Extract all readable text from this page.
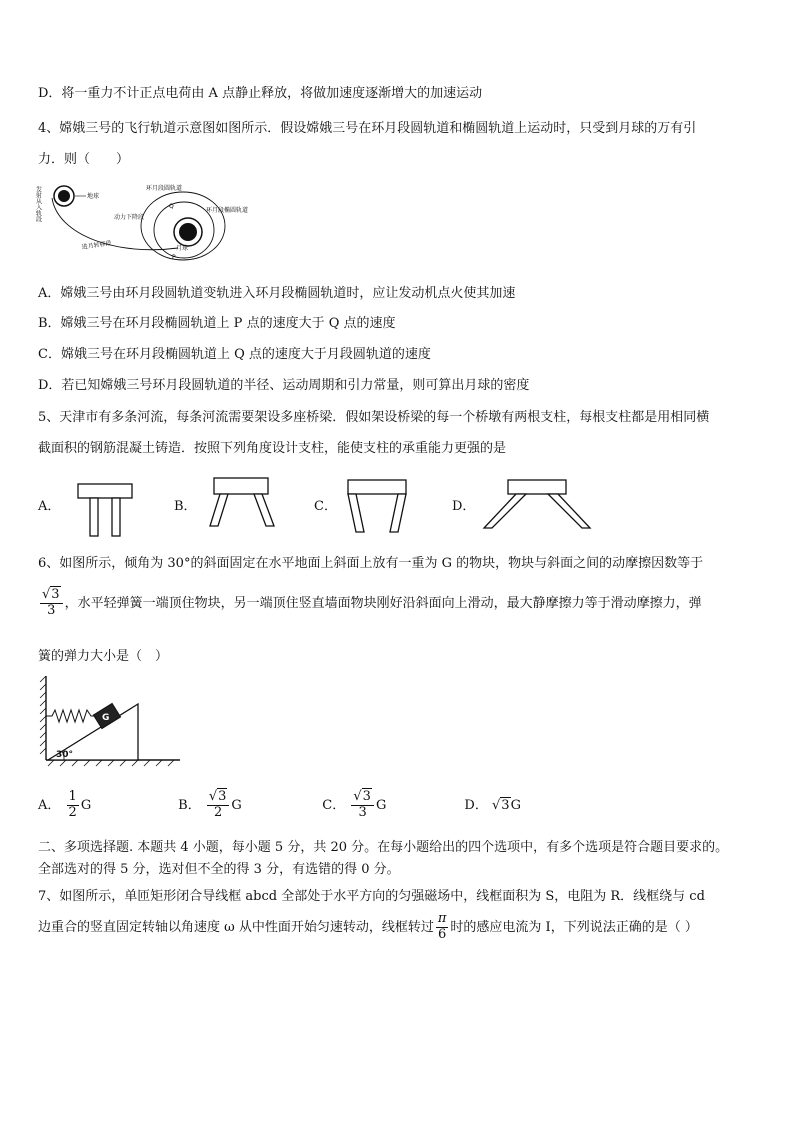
D．将一重力不计正点电荷由 A 点静止释放，将做加速度逐渐增大的加速运动
4、嫦娥三号的飞行轨道示意图如图所示．假设嫦娥三号在环月段圆轨道和椭圆轨道上运动时，只受到月球的万有引
力．则（　　）
发射从入轨段	地球
进月转移段
环月段圆轨道
环月段椭圆轨道
动力下降段
Q
月球
P
A．嫦娥三号由环月段圆轨道变轨进入环月段椭圆轨道时，应让发动机点火使其加速
B．嫦娥三号在环月段椭圆轨道上 P 点的速度大于 Q 点的速度
C．嫦娥三号在环月段椭圆轨道上 Q 点的速度大于月段圆轨道的速度
D．若已知嫦娥三号环月段圆轨道的半径、运动周期和引力常量，则可算出月球的密度
5、天津市有多条河流，每条河流需要架设多座桥梁．假如架设桥梁的每一个桥墩有两根支柱，每根支柱都是用相同横
截面积的钢筋混凝土铸造．按照下列角度设计支柱，能使支柱的承重能力更强的是
A．	B．	C．	D．
6、如图所示，倾角为 30°的斜面固定在水平地面上斜面上放有一重为 G 的物块，物块与斜面之间的动摩擦因数等于
$\frac{√3}{3}$ ，水平轻弹簧一端顶住物块，另一端顶住竖直墙面物块刚好沿斜面向上滑动，最大静摩擦力等于滑动摩擦力，弹
簧的弹力大小是（　）
G
30°
A． $\frac{1}{2}$ G	B． $\frac{√3}{2}$ G	C． $\frac{√3}{3}$ G	D． √3G
二、多项选择题. 本题共 4 小题，每小题 5 分，共 20 分。在每小题给出的四个选项中，有多个选项是符合题目要求的。
全部选对的得 5 分，选对但不全的得 3 分，有选错的得 0 分。
7、如图所示，单匝矩形闭合导线框 abcd 全部处于水平方向的匀强磁场中，线框面积为 S，电阻为 R．线框绕与 cd
边重合的竖直固定转轴以角速度 ω 从中性面开始匀速转动，线框转过 $\frac{\pi}{6}$ 时的感应电流为 I，下列说法正确的是（ ）
